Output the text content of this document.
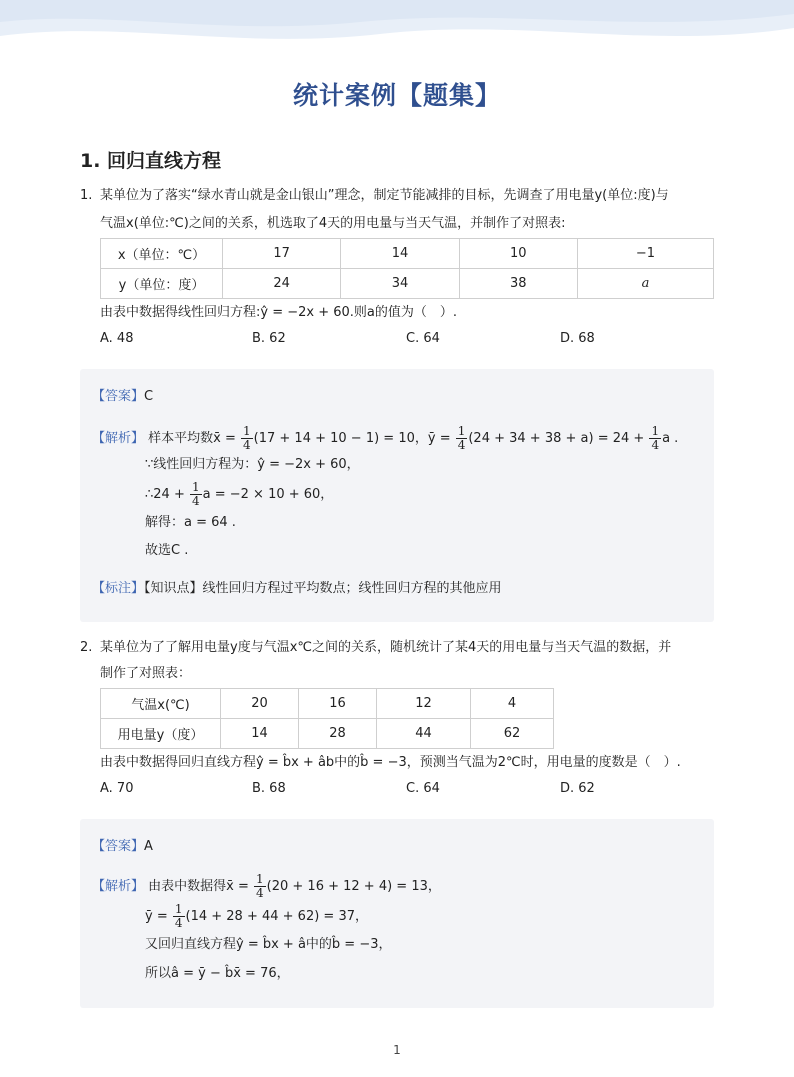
统计案例【题集】
1. 回归直线方程
1. 某单位为了落实“绿水青山就是金山银山”理念，制定节能减排的目标，先调查了用电量y(单位:度)与
气温x(单位:℃)之间的关系，机选取了4天的用电量与当天气温，并制作了对照表:
x（单位：℃）	17	14	10	−1
y（单位：度）	24	34	38	a
由表中数据得线性回归方程:ŷ = −2x + 60.则a的值为（　）.
A. 48	B. 62	C. 64	D. 68
【答案】C
【解析】 样本平均数x̄ = $\frac{1}{4} (17 + 14 + 10 - 1) = 10$，ȳ = $\frac{1}{4} (24 + 34 + 38 + a) = 24 + \frac{1}{4}$ a .
∵线性回归方程为：ŷ = −2x + 60，
∴24 + $\frac{1}{4}$ a = −2 × 10 + 60，
解得：a = 64 .
故选C .
【标注】【知识点】线性回归方程过平均数点；线性回归方程的其他应用
2. 某单位为了了解用电量y度与气温x℃之间的关系，随机统计了某4天的用电量与当天气温的数据，并
制作了对照表：
气温x(℃)	20	16	12	4
用电量y（度）	14	28	44	62
由表中数据得回归直线方程ŷ = b̂x + âb中的b̂ = −3，预测当气温为2℃时，用电量的度数是（　）.
A. 70	B. 68	C. 64	D. 62
【答案】A
【解析】 由表中数据得x̄ = $\frac{1}{4} (20 + 16 + 12 + 4) = 13$，
ȳ = $\frac{1}{4} (14 + 28 + 44 + 62) = 37$，
又回归直线方程ŷ = b̂x + â中的b̂ = −3，
所以â = ȳ − b̂x̄ = 76，
1
